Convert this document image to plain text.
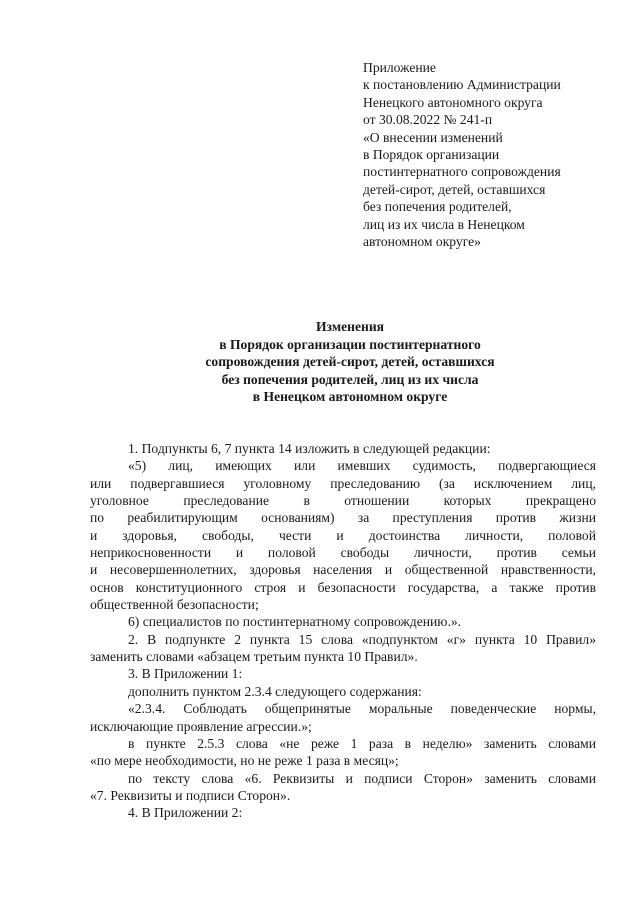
Приложение
к постановлению Администрации
Ненецкого автономного округа
от 30.08.2022 № 241-п
«О внесении изменений
в Порядок организации
постинтернатного сопровождения
детей-сирот, детей, оставшихся
без попечения родителей,
лиц из их числа в Ненецком
автономном округе»
Изменения
в Порядок организации постинтернатного
сопровождения детей-сирот, детей, оставшихся
без попечения родителей, лиц из их числа
в Ненецком автономном округе
1. Подпункты 6, 7 пункта 14 изложить в следующей редакции:
«5) лиц, имеющих или имевших судимость, подвергающиеся
или подвергавшиеся уголовному преследованию (за исключением лиц,
уголовное преследование в отношении которых прекращено
по реабилитирующим основаниям) за преступления против жизни
и здоровья, свободы, чести и достоинства личности, половой
неприкосновенности и половой свободы личности, против семьи
и несовершеннолетних, здоровья населения и общественной нравственности,
основ конституционного строя и безопасности государства, а также против
общественной безопасности;
6) специалистов по постинтернатному сопровождению.».
2. В подпункте 2 пункта 15 слова «подпунктом «г» пункта 10 Правил»
заменить словами «абзацем третьим пункта 10 Правил».
3. В Приложении 1:
дополнить пунктом 2.3.4 следующего содержания:
«2.3.4. Соблюдать общепринятые моральные поведенческие нормы,
исключающие проявление агрессии.»;
в пункте 2.5.3 слова «не реже 1 раза в неделю» заменить словами
«по мере необходимости, но не реже 1 раза в месяц»;
по тексту слова «6. Реквизиты и подписи Сторон» заменить словами
«7. Реквизиты и подписи Сторон».
4. В Приложении 2:
